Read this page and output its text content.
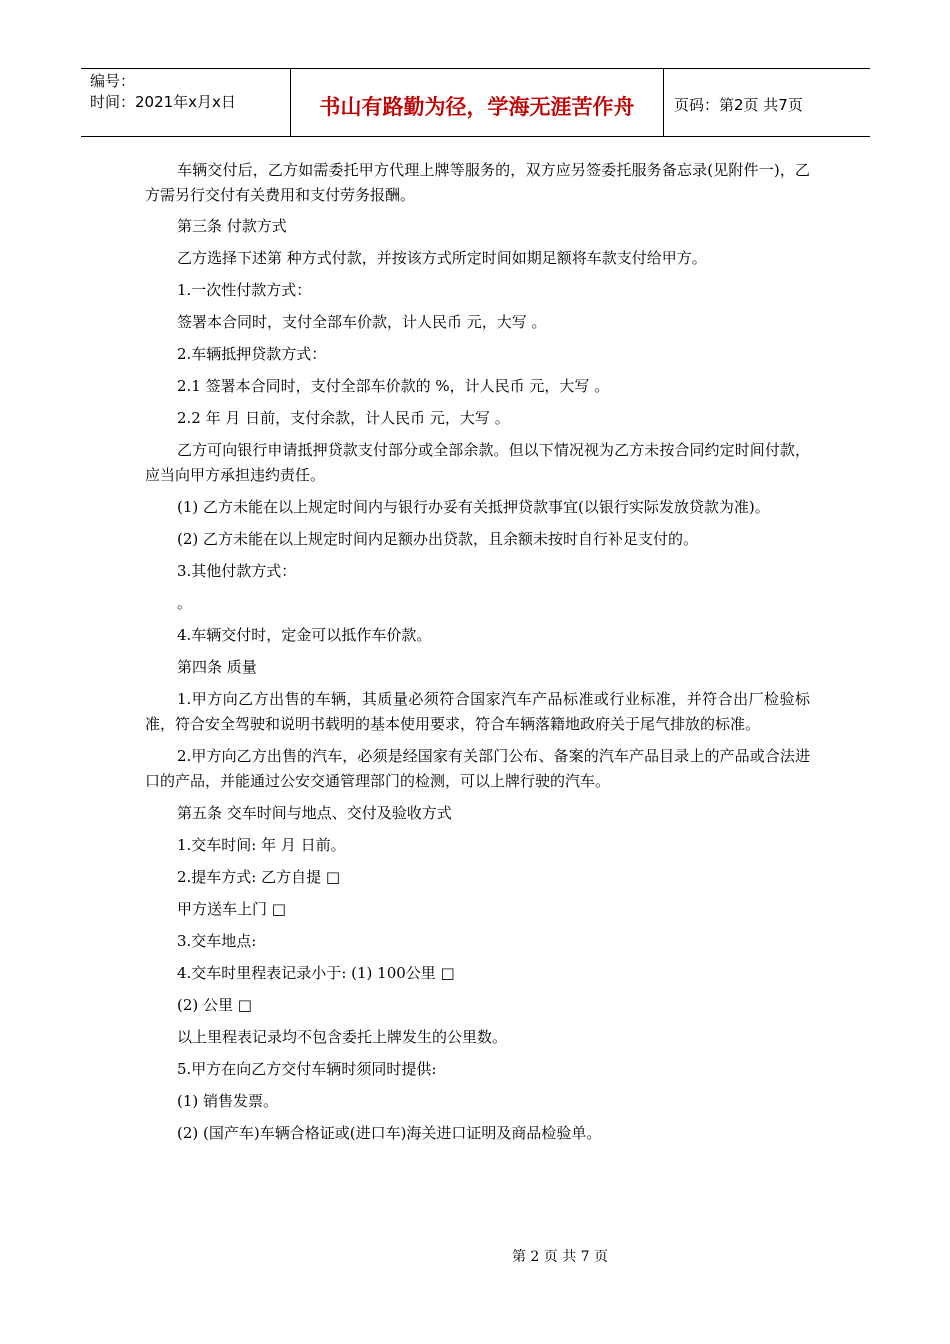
编号：
时间：2021年x月x日	书山有路勤为径，学海无涯苦作舟	页码：第2页 共7页

车辆交付后，乙方如需委托甲方代理上牌等服务的，双方应另签委托服务备忘录(见附件一)，乙方需另行交付有关费用和支付劳务报酬。

第三条 付款方式

乙方选择下述第 种方式付款，并按该方式所定时间如期足额将车款支付给甲方。

1.一次性付款方式：

签署本合同时，支付全部车价款，计人民币 元，大写 。

2.车辆抵押贷款方式：

2.1 签署本合同时，支付全部车价款的 %，计人民币 元，大写 。

2.2 年 月 日前，支付余款，计人民币 元，大写 。

乙方可向银行申请抵押贷款支付部分或全部余款。但以下情况视为乙方未按合同约定时间付款，应当向甲方承担违约责任。

(1) 乙方未能在以上规定时间内与银行办妥有关抵押贷款事宜(以银行实际发放贷款为准)。

(2) 乙方未能在以上规定时间内足额办出贷款，且余额未按时自行补足支付的。

3.其他付款方式：

。

4.车辆交付时，定金可以抵作车价款。

第四条 质量

1.甲方向乙方出售的车辆，其质量必须符合国家汽车产品标准或行业标准，并符合出厂检验标准，符合安全驾驶和说明书载明的基本使用要求，符合车辆落籍地政府关于尾气排放的标准。

2.甲方向乙方出售的汽车，必须是经国家有关部门公布、备案的汽车产品目录上的产品或合法进口的产品，并能通过公安交通管理部门的检测，可以上牌行驶的汽车。

第五条 交车时间与地点、交付及验收方式

1.交车时间: 年 月 日前。

2.提车方式: 乙方自提 □

甲方送车上门 □

3.交车地点:

4.交车时里程表记录小于: (1) 100公里 □

(2) 公里 □

以上里程表记录均不包含委托上牌发生的公里数。

5.甲方在向乙方交付车辆时须同时提供:

(1) 销售发票。

(2) (国产车)车辆合格证或(进口车)海关进口证明及商品检验单。

第 2 页 共 7 页
